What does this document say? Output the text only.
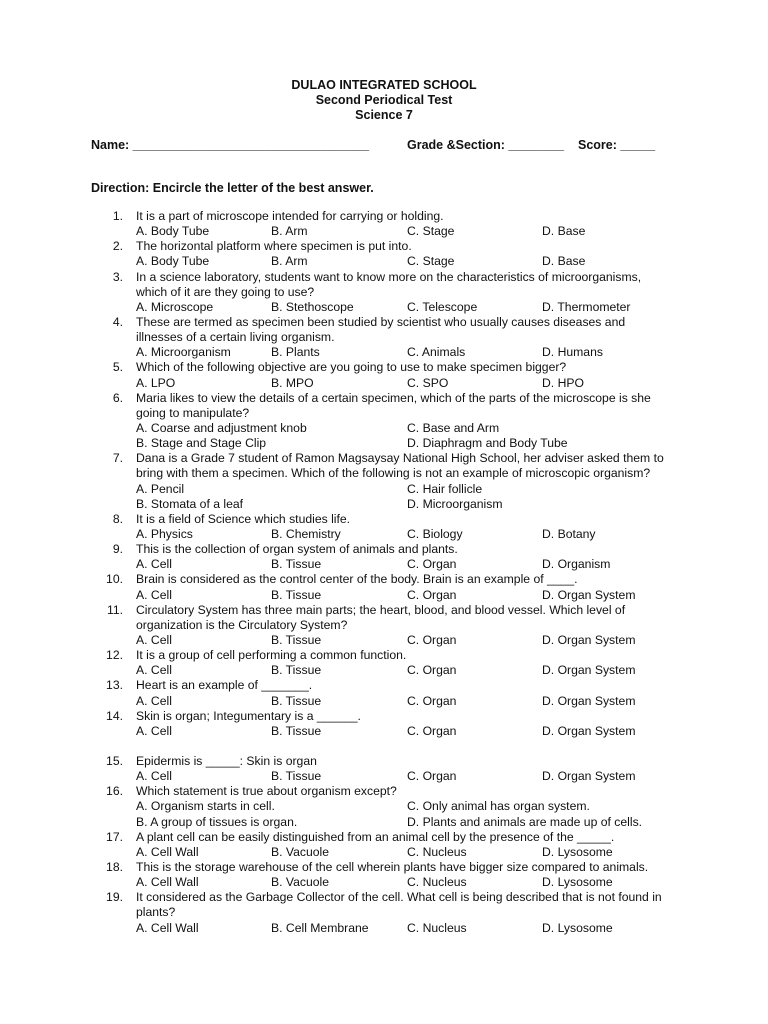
DULAO INTEGRATED SCHOOL
Second Periodical Test
Science 7
Name: __________________________________	Grade &Section: ________ Score: _____
Direction: Encircle the letter of the best answer.
1. It is a part of microscope intended for carrying or holding.
A. Body Tube	B. Arm	C. Stage	D. Base
2. The horizontal platform where specimen is put into.
A. Body Tube	B. Arm	C. Stage	D. Base
3. In a science laboratory, students want to know more on the characteristics of microorganisms,
which of it are they going to use?
A. Microscope	B. Stethoscope	C. Telescope	D. Thermometer
4. These are termed as specimen been studied by scientist who usually causes diseases and
illnesses of a certain living organism.
A. Microorganism	B. Plants	C. Animals	D. Humans
5. Which of the following objective are you going to use to make specimen bigger?
A. LPO	B. MPO	C. SPO	D. HPO
6. Maria likes to view the details of a certain specimen, which of the parts of the microscope is she
going to manipulate?
A. Coarse and adjustment knob	C. Base and Arm
B. Stage and Stage Clip	D. Diaphragm and Body Tube
7. Dana is a Grade 7 student of Ramon Magsaysay National High School, her adviser asked them to
bring with them a specimen. Which of the following is not an example of microscopic organism?
A. Pencil	C. Hair follicle
B. Stomata of a leaf	D. Microorganism
8. It is a field of Science which studies life.
A. Physics	B. Chemistry	C. Biology	D. Botany
9. This is the collection of organ system of animals and plants.
A. Cell	B. Tissue	C. Organ	D. Organism
10. Brain is considered as the control center of the body. Brain is an example of ____.
A. Cell	B. Tissue	C. Organ	D. Organ System
11. Circulatory System has three main parts; the heart, blood, and blood vessel. Which level of
organization is the Circulatory System?
A. Cell	B. Tissue	C. Organ	D. Organ System
12. It is a group of cell performing a common function.
A. Cell	B. Tissue	C. Organ	D. Organ System
13. Heart is an example of _______.
A. Cell	B. Tissue	C. Organ	D. Organ System
14. Skin is organ; Integumentary is a ______.
A. Cell	B. Tissue	C. Organ	D. Organ System
15. Epidermis is _____: Skin is organ
A. Cell	B. Tissue	C. Organ	D. Organ System
16. Which statement is true about organism except?
A. Organism starts in cell.	C. Only animal has organ system.
B. A group of tissues is organ.	D. Plants and animals are made up of cells.
17. A plant cell can be easily distinguished from an animal cell by the presence of the _____.
A. Cell Wall	B. Vacuole	C. Nucleus	D. Lysosome
18. This is the storage warehouse of the cell wherein plants have bigger size compared to animals.
A. Cell Wall	B. Vacuole	C. Nucleus	D. Lysosome
19. It considered as the Garbage Collector of the cell. What cell is being described that is not found in
plants?
A. Cell Wall	B. Cell Membrane	C. Nucleus	D. Lysosome
